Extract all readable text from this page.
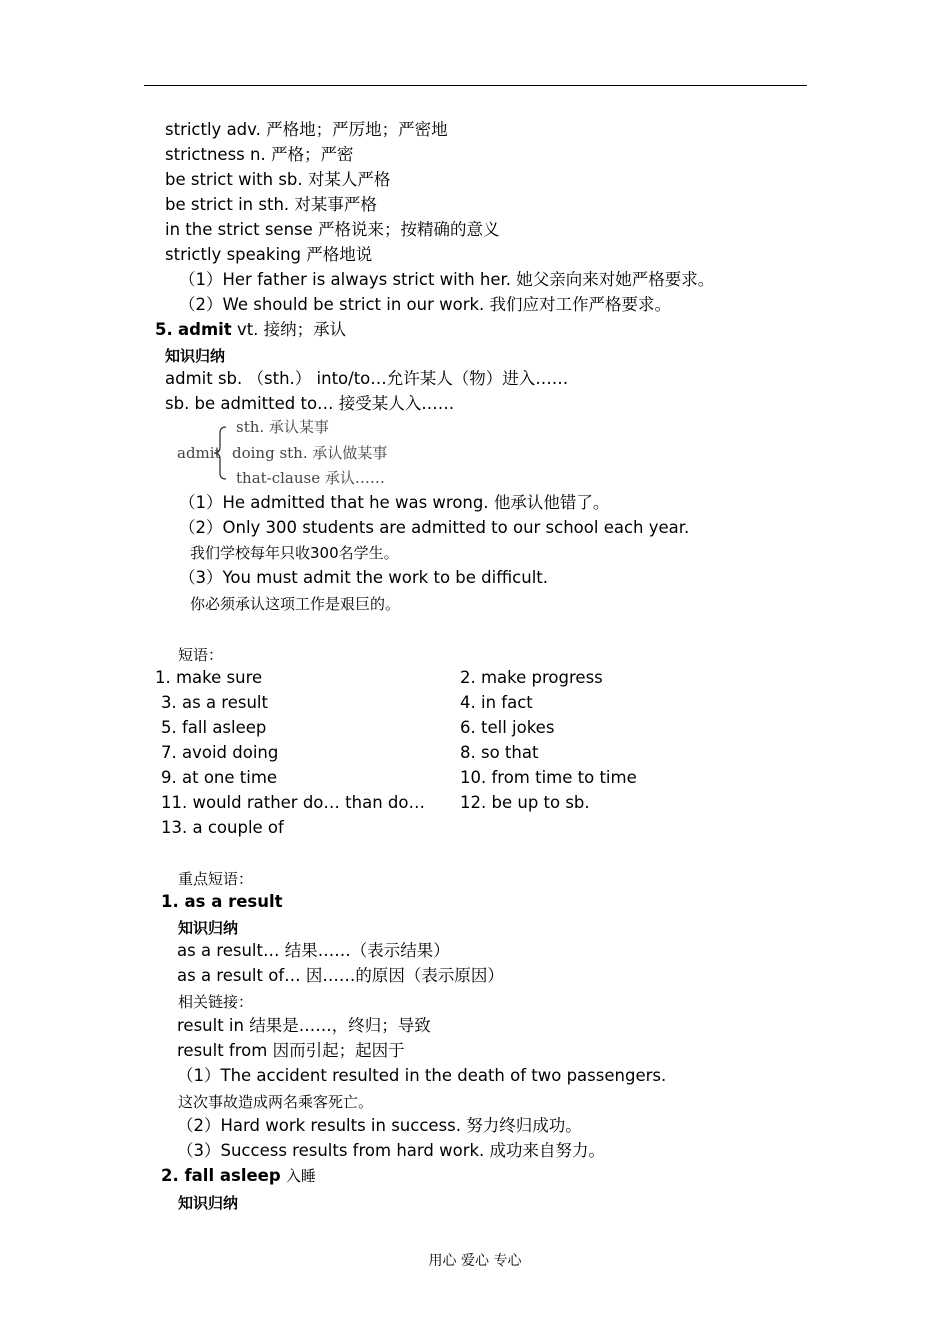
strictly adv. 严格地；严厉地；严密地
strictness n. 严格；严密
be strict with sb. 对某人严格
be strict in sth. 对某事严格
in the strict sense 严格说来；按精确的意义
strictly speaking 严格地说
（1）Her father is always strict with her. 她父亲向来对她严格要求。
（2）We should be strict in our work. 我们应对工作严格要求。
5. admit vt. 接纳；承认
知识归纳
admit sb. （sth.） into/to…允许某人（物）进入……
sb. be admitted to… 接受某人入……
admit
sth. 承认某事
doing sth. 承认做某事
that-clause 承认……
（1）He admitted that he was wrong. 他承认他错了。
（2）Only 300 students are admitted to our school each year.
我们学校每年只收300名学生。
（3）You must admit the work to be difficult.
你必须承认这项工作是艰巨的。
短语：
1. make sure
3. as a result
5. fall asleep
7. avoid doing
9. at one time
11. would rather do… than do…
13. a couple of
2. make progress
4. in fact
6. tell jokes
8. so that
10. from time to time
12. be up to sb.
重点短语：
1. as a result
知识归纳
as a result… 结果……（表示结果）
as a result of… 因……的原因（表示原因）
相关链接：
result in 结果是……，终归；导致
result from 因而引起；起因于
（1）The accident resulted in the death of two passengers.
这次事故造成两名乘客死亡。
（2）Hard work results in success. 努力终归成功。
（3）Success results from hard work. 成功来自努力。
2. fall asleep 入睡
知识归纳
用心 爱心 专心
